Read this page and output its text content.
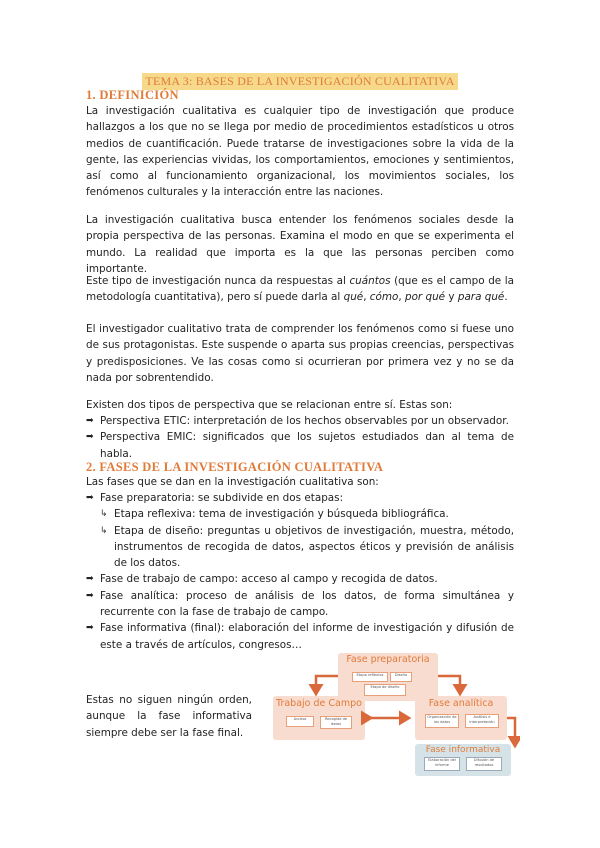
TEMA 3: BASES DE LA INVESTIGACIÓN CUALITATIVA
1. DEFINICIÓN
La investigación cualitativa es cualquier tipo de investigación que produce hallazgos a los que no se llega por medio de procedimientos estadísticos u otros medios de cuantificación. Puede tratarse de investigaciones sobre la vida de la gente, las experiencias vividas, los comportamientos, emociones y sentimientos, así como al funcionamiento organizacional, los movimientos sociales, los fenómenos culturales y la interacción entre las naciones.
La investigación cualitativa busca entender los fenómenos sociales desde la propia perspectiva de las personas. Examina el modo en que se experimenta el mundo. La realidad que importa es la que las personas perciben como importante.
Este tipo de investigación nunca da respuestas al cuántos (que es el campo de la metodología cuantitativa), pero sí puede darla al qué, cómo, por qué y para qué.
El investigador cualitativo trata de comprender los fenómenos como si fuese uno de sus protagonistas. Este suspende o aparta sus propias creencias, perspectivas y predisposiciones. Ve las cosas como si ocurrieran por primera vez y no se da nada por sobrentendido.
Existen dos tipos de perspectiva que se relacionan entre sí. Estas son:
➡ Perspectiva ETIC: interpretación de los hechos observables por un observador.
➡ Perspectiva EMIC: significados que los sujetos estudiados dan al tema de habla.
2. FASES DE LA INVESTIGACIÓN CUALITATIVA
Las fases que se dan en la investigación cualitativa son:
➡ Fase preparatoria: se subdivide en dos etapas:
↳ Etapa reflexiva: tema de investigación y búsqueda bibliográfica.
↳ Etapa de diseño: preguntas u objetivos de investigación, muestra, método, instrumentos de recogida de datos, aspectos éticos y previsión de análisis de los datos.
➡ Fase de trabajo de campo: acceso al campo y recogida de datos.
➡ Fase analítica: proceso de análisis de los datos, de forma simultánea y recurrente con la fase de trabajo de campo.
➡ Fase informativa (final): elaboración del informe de investigación y difusión de este a través de artículos, congresos…
Estas no siguen ningún orden, aunque la fase informativa siempre debe ser la fase final.
Fase preparatoria
Etapa reflexiva	Diseño
Etapa de diseño
Trabajo de Campo
Acceso	Recogida de datos
Fase analítica
Organización de los datos
Análisis e interpretación
Fase informativa
Elaboración del informe
Difusión de resultados
